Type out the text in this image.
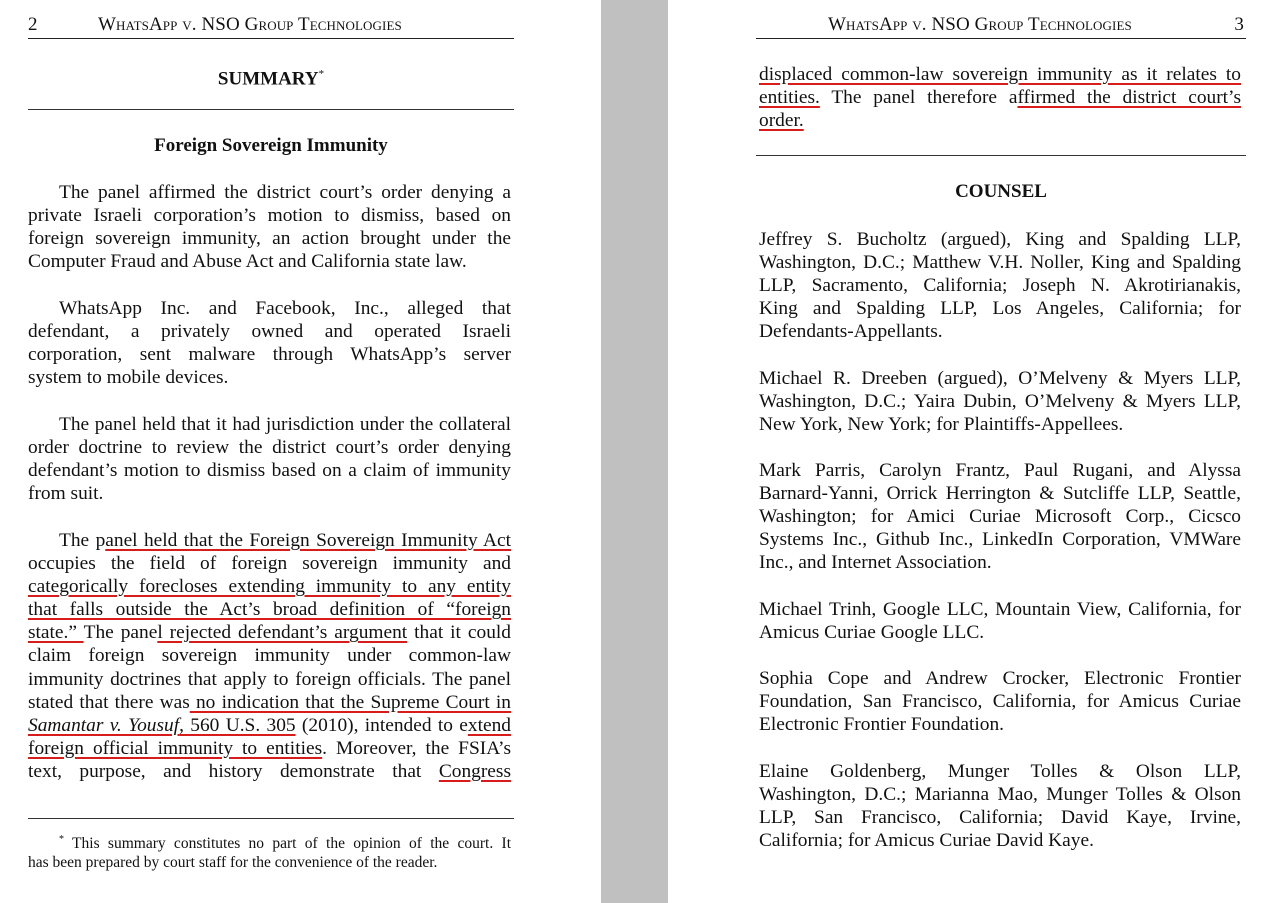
2	WhatsApp v. NSO Group Technologies
SUMMARY*
Foreign Sovereign Immunity
The panel affirmed the district court’s order denying a
private Israeli corporation’s motion to dismiss, based on
foreign sovereign immunity, an action brought under the
Computer Fraud and Abuse Act and California state law.
WhatsApp Inc. and Facebook, Inc., alleged that
defendant, a privately owned and operated Israeli
corporation, sent malware through WhatsApp’s server
system to mobile devices.
The panel held that it had jurisdiction under the collateral
order doctrine to review the district court’s order denying
defendant’s motion to dismiss based on a claim of immunity
from suit.
The panel held that the Foreign Sovereign Immunity Act
occupies the field of foreign sovereign immunity and
categorically forecloses extending immunity to any entity
that falls outside the Act’s broad definition of “foreign
state.” The panel rejected defendant’s argument that it could
claim foreign sovereign immunity under common-law
immunity doctrines that apply to foreign officials. The panel
stated that there was no indication that the Supreme Court in
Samantar v. Yousuf, 560 U.S. 305 (2010), intended to extend
foreign official immunity to entities. Moreover, the FSIA’s
text, purpose, and history demonstrate that Congress
* This summary constitutes no part of the opinion of the court. It
has been prepared by court staff for the convenience of the reader.
WhatsApp v. NSO Group Technologies	3
displaced common-law sovereign immunity as it relates to
entities. The panel therefore affirmed the district court’s
order.
COUNSEL
Jeffrey S. Bucholtz (argued), King and Spalding LLP,
Washington, D.C.; Matthew V.H. Noller, King and Spalding
LLP, Sacramento, California; Joseph N. Akrotirianakis,
King and Spalding LLP, Los Angeles, California; for
Defendants-Appellants.
Michael R. Dreeben (argued), O’Melveny & Myers LLP,
Washington, D.C.; Yaira Dubin, O’Melveny & Myers LLP,
New York, New York; for Plaintiffs-Appellees.
Mark Parris, Carolyn Frantz, Paul Rugani, and Alyssa
Barnard-Yanni, Orrick Herrington & Sutcliffe LLP, Seattle,
Washington; for Amici Curiae Microsoft Corp., Cicsco
Systems Inc., Github Inc., LinkedIn Corporation, VMWare
Inc., and Internet Association.
Michael Trinh, Google LLC, Mountain View, California, for
Amicus Curiae Google LLC.
Sophia Cope and Andrew Crocker, Electronic Frontier
Foundation, San Francisco, California, for Amicus Curiae
Electronic Frontier Foundation.
Elaine Goldenberg, Munger Tolles & Olson LLP,
Washington, D.C.; Marianna Mao, Munger Tolles & Olson
LLP, San Francisco, California; David Kaye, Irvine,
California; for Amicus Curiae David Kaye.
